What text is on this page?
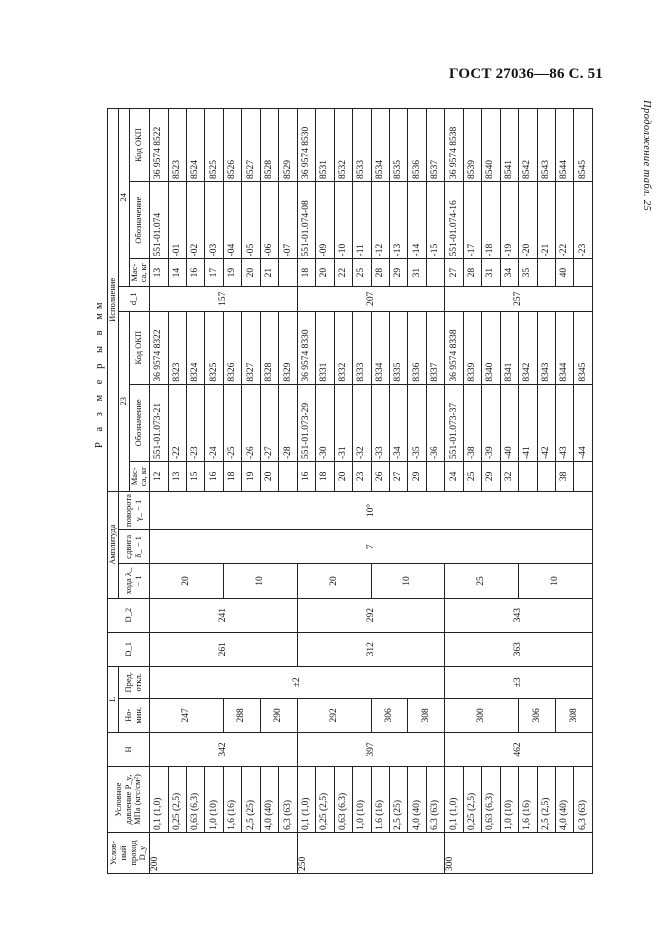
ГОСТ 27036—86 С. 51
Продолжение табл. 25
Р а з м е р ы в мм
Услов-ный проход D_y	Условное давление P_y, МПа (кгс/см²)	H	L		D_1	D_2	Амплитуда			Исполнение						
			Но-мин.	Пред. откл.			хода λ_ − 1	сдвига δ_ − 1	поворота γ_ − 1	23			d_1	24		
										Мас-са, кг	Обозначение	Код ОКП		Мас-са, кг	Обозначение	Код ОКП
200	0,1 (1,0)	342	247	±2	261	241	20	7	10°	12	551-01.073-21	36 9574 8322	157	13	551-01.074	36 9574 8522
	0,25 (2,5)									13	-22	8323		14	-01	8523
	0,63 (6,3)									15	-23	8324		16	-02	8524
	1,0 (10)									16	-24	8325		17	-03	8525
	1,6 (16)		288				10			18	-25	8326		19	-04	8526
	2,5 (25)									19	-26	8327		20	-05	8527
	4,0 (40)		290							20	-27	8328		21	-06	8528
	6,3 (63)										-28	8329			-07	8529
250	0,1 (1,0)	397	292		312	292	20			16	551-01.073-29	36 9574 8330	207	18	551-01.074-08	36 9574 8530
	0,25 (2,5)									18	-30	8331		20	-09	8531
	0,63 (6.3)									20	-31	8332		22	-10	8532
	1,0 (10)									23	-32	8333		25	-11	8533
	1.6 (16)		306				10			26	-33	8334		28	-12	8534
	2,5 (25)									27	-34	8335		29	-13	8535
	4,0 (40)		308							29	-35	8336		31	-14	8536
	6.3 (63)										-36	8337			-15	8537
300	0,1 (1,0)	462	300	±3	363	343	25			24	551-01.073-37	36 9574 8338	257	27	551-01.074-16	36 9574 8538
	0,25 (2,5)									25	-38	8339		28	-17	8539
	0,63 (6,3)									29	-39	8340		31	-18	8540
	1,0 (10)									32	-40	8341		34	-19	8541
	1,6 (16)		306				10				-41	8342		35	-20	8542
	2,5 (2,5)										-42	8343			-21	8543
	4,0 (40)		308							38	-43	8344		40	-22	8544
	6,3 (63)										-44	8345			-23	8545
